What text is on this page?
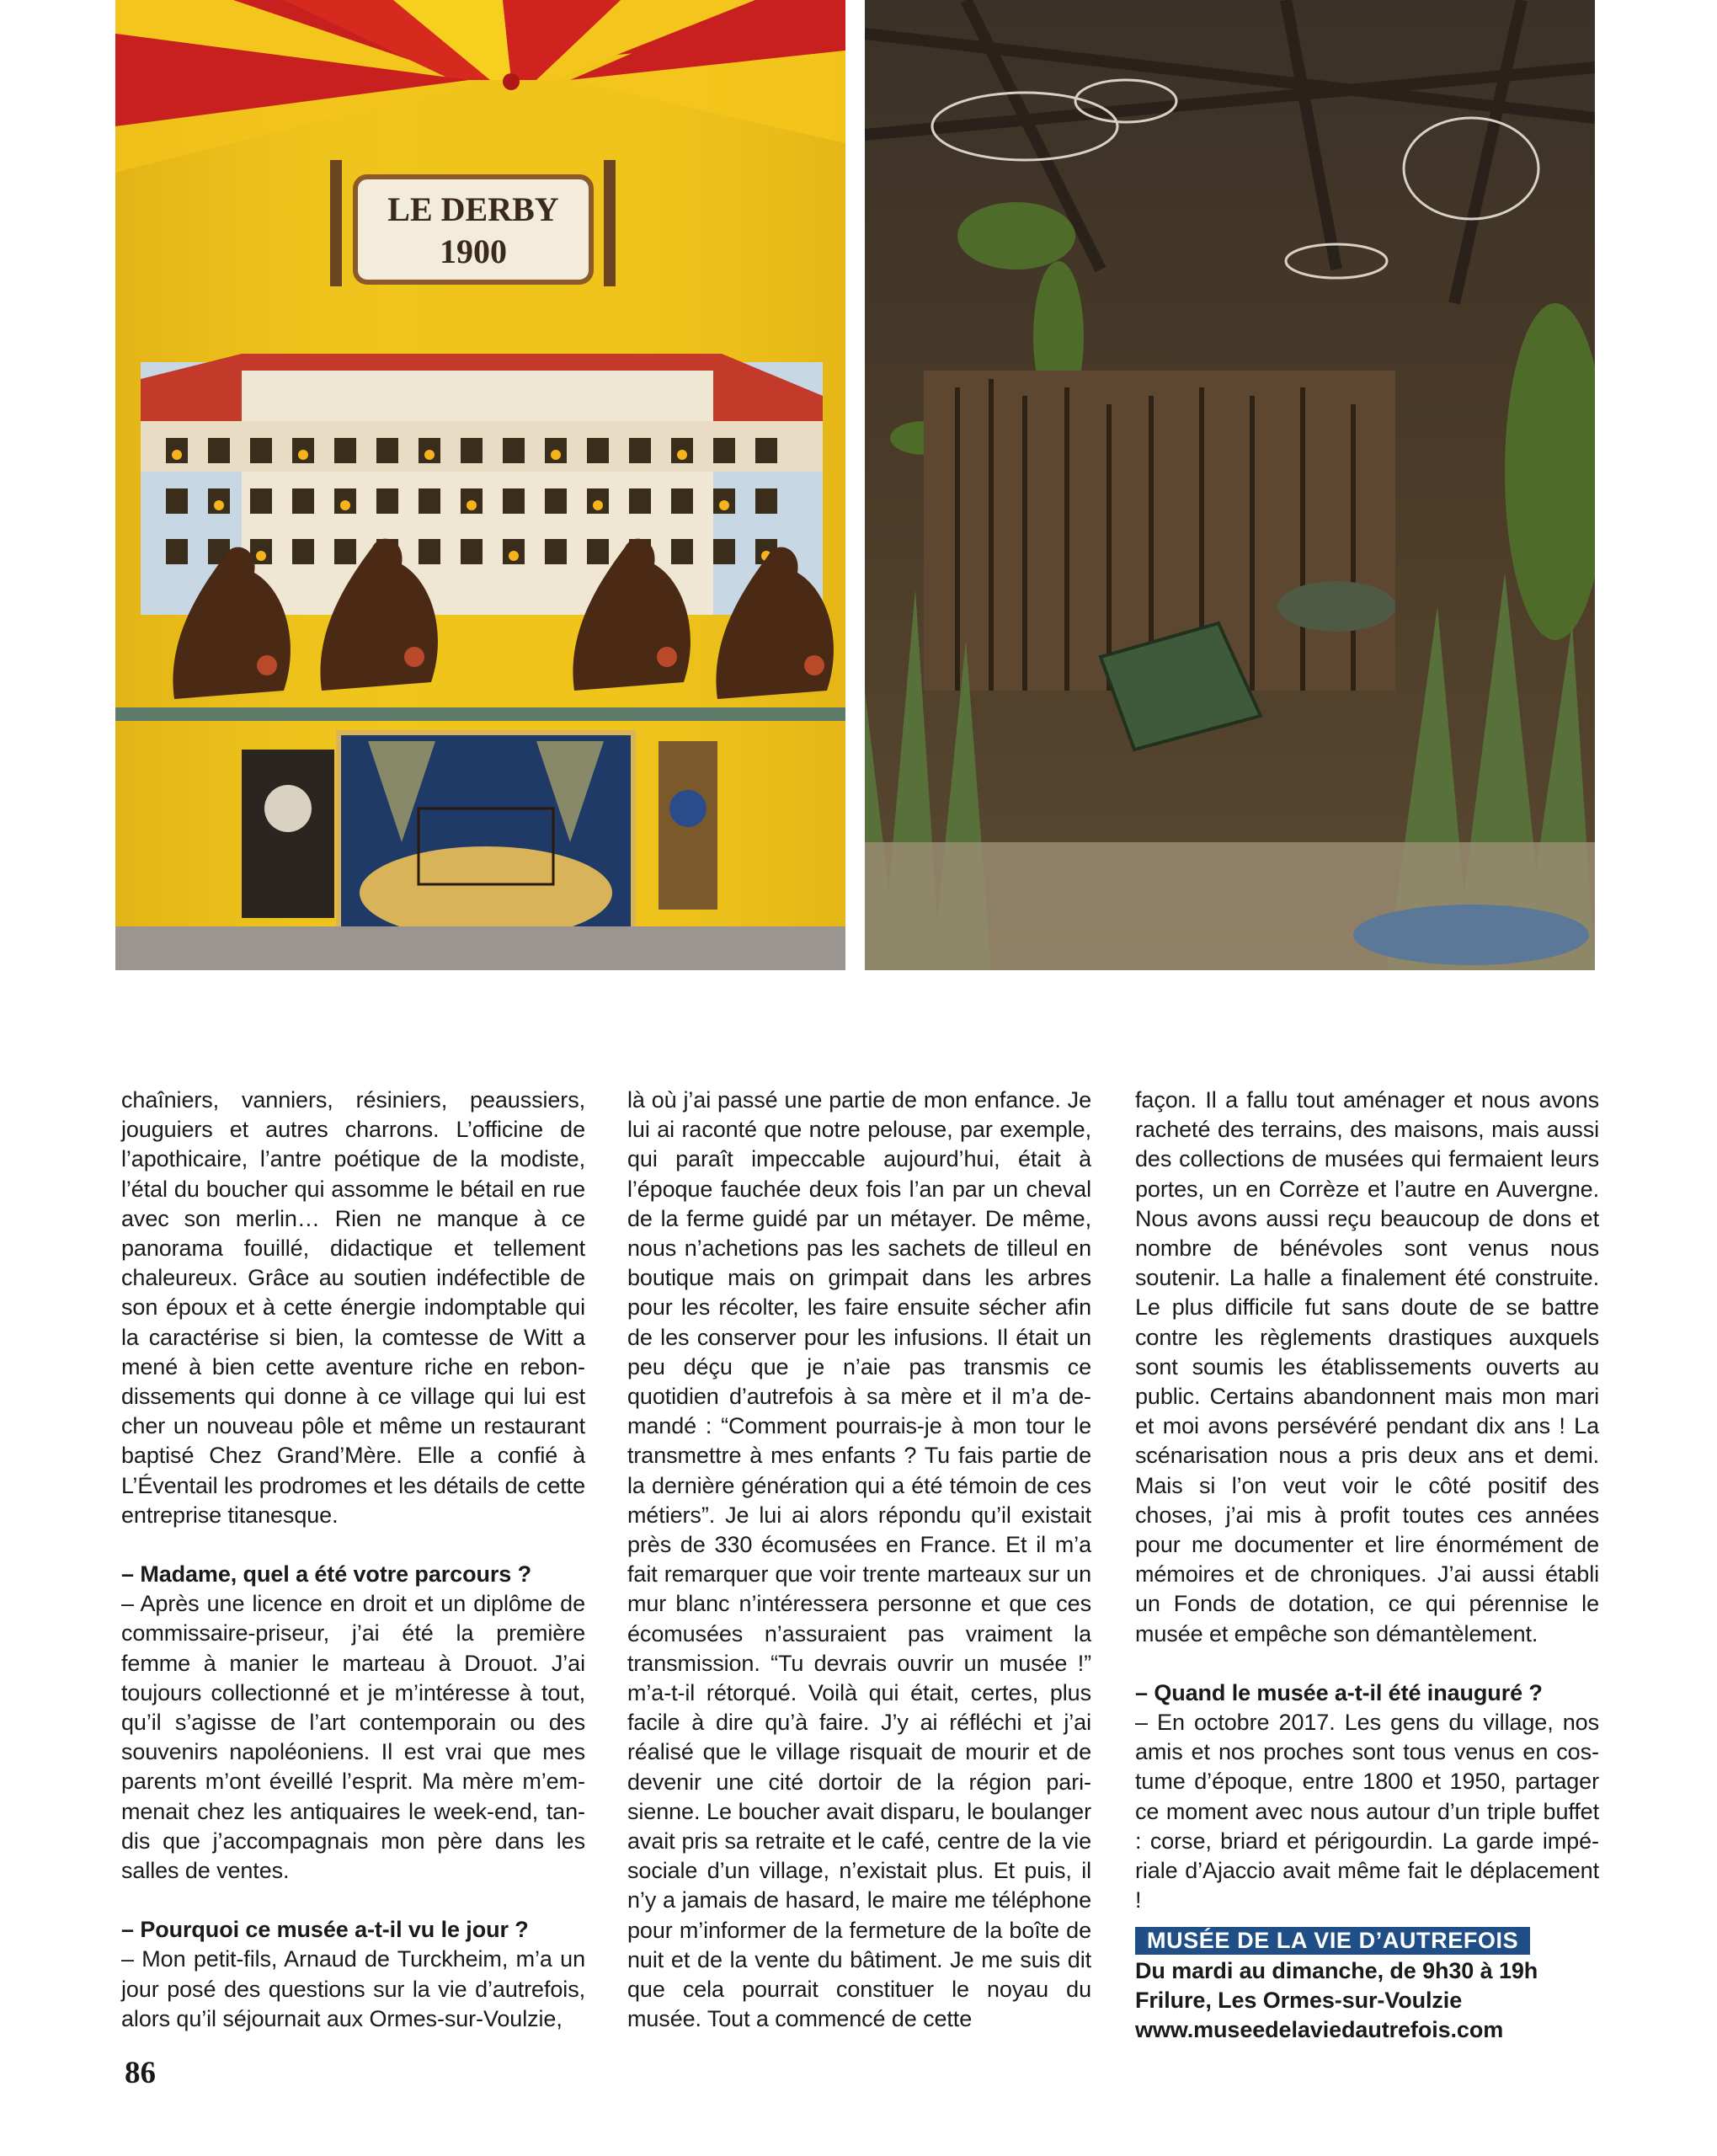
LE DERBY
1900

chaîniers, vanniers, résiniers, peaussiers, jouguiers et autres charrons. L’officine de l’apothicaire, l’antre poétique de la modiste, l’étal du boucher qui assomme le bétail en rue avec son merlin… Rien ne manque à ce panorama fouillé, didactique et tellement chaleureux. Grâce au soutien indéfectible de son époux et à cette énergie indomptable qui la caractérise si bien, la comtesse de Witt a mené à bien cette aventure riche en rebondissements qui donne à ce village qui lui est cher un nouveau pôle et même un restaurant baptisé Chez Grand’Mère. Elle a confié à L’Éventail les prodromes et les détails de cette entreprise titanesque.

– Madame, quel a été votre parcours ?

– Après une licence en droit et un diplôme de commissaire-priseur, j’ai été la première femme à manier le marteau à Drouot. J’ai toujours collectionné et je m’intéresse à tout, qu’il s’agisse de l’art contemporain ou des souvenirs napoléoniens. Il est vrai que mes parents m’ont éveillé l’esprit. Ma mère m’emmenait chez les antiquaires le week-end, tandis que j’accompagnais mon père dans les salles de ventes.

– Pourquoi ce musée a-t-il vu le jour ?

– Mon petit-fils, Arnaud de Turckheim, m’a un jour posé des questions sur la vie d’autrefois, alors qu’il séjournait aux Ormes-sur-Voulzie,

là où j’ai passé une partie de mon enfance. Je lui ai raconté que notre pelouse, par exemple, qui paraît impeccable aujourd’hui, était à l’époque fauchée deux fois l’an par un cheval de la ferme guidé par un métayer. De même, nous n’achetions pas les sachets de tilleul en boutique mais on grimpait dans les arbres pour les récolter, les faire ensuite sécher afin de les conserver pour les infusions. Il était un peu déçu que je n’aie pas transmis ce quotidien d’autrefois à sa mère et il m’a demandé : “Comment pourrais-je à mon tour le transmettre à mes enfants ? Tu fais partie de la dernière génération qui a été témoin de ces métiers”. Je lui ai alors répondu qu’il existait près de 330 écomusées en France. Et il m’a fait remarquer que voir trente marteaux sur un mur blanc n’intéressera personne et que ces écomusées n’assuraient pas vraiment la transmission. “Tu devrais ouvrir un musée !” m’a-t-il rétorqué. Voilà qui était, certes, plus facile à dire qu’à faire. J’y ai réfléchi et j’ai réalisé que le village risquait de mourir et de devenir une cité dortoir de la région parisienne. Le boucher avait disparu, le boulanger avait pris sa retraite et le café, centre de la vie sociale d’un village, n’existait plus. Et puis, il n’y a jamais de hasard, le maire me téléphone pour m’informer de la fermeture de la boîte de nuit et de la vente du bâtiment. Je me suis dit que cela pourrait constituer le noyau du musée. Tout a commencé de cette

façon. Il a fallu tout aménager et nous avons racheté des terrains, des maisons, mais aussi des collections de musées qui fermaient leurs portes, un en Corrèze et l’autre en Auvergne. Nous avons aussi reçu beaucoup de dons et nombre de bénévoles sont venus nous soutenir. La halle a finalement été construite. Le plus difficile fut sans doute de se battre contre les règlements drastiques auxquels sont soumis les établissements ouverts au public. Certains abandonnent mais mon mari et moi avons persévéré pendant dix ans ! La scénarisation nous a pris deux ans et demi. Mais si l’on veut voir le côté positif des choses, j’ai mis à profit toutes ces années pour me documenter et lire énormément de mémoires et de chroniques. J’ai aussi établi un Fonds de dotation, ce qui pérennise le musée et empêche son démantèlement.

– Quand le musée a-t-il été inauguré ?

– En octobre 2017. Les gens du village, nos amis et nos proches sont tous venus en costume d’époque, entre 1800 et 1950, partager ce moment avec nous autour d’un triple buffet : corse, briard et périgourdin. La garde impériale d’Ajaccio avait même fait le déplacement !

MUSÉE DE LA VIE D’AUTREFOIS
Du mardi au dimanche, de 9h30 à 19h
Frilure, Les Ormes-sur-Voulzie
www.museedelaviedautrefois.com
86
